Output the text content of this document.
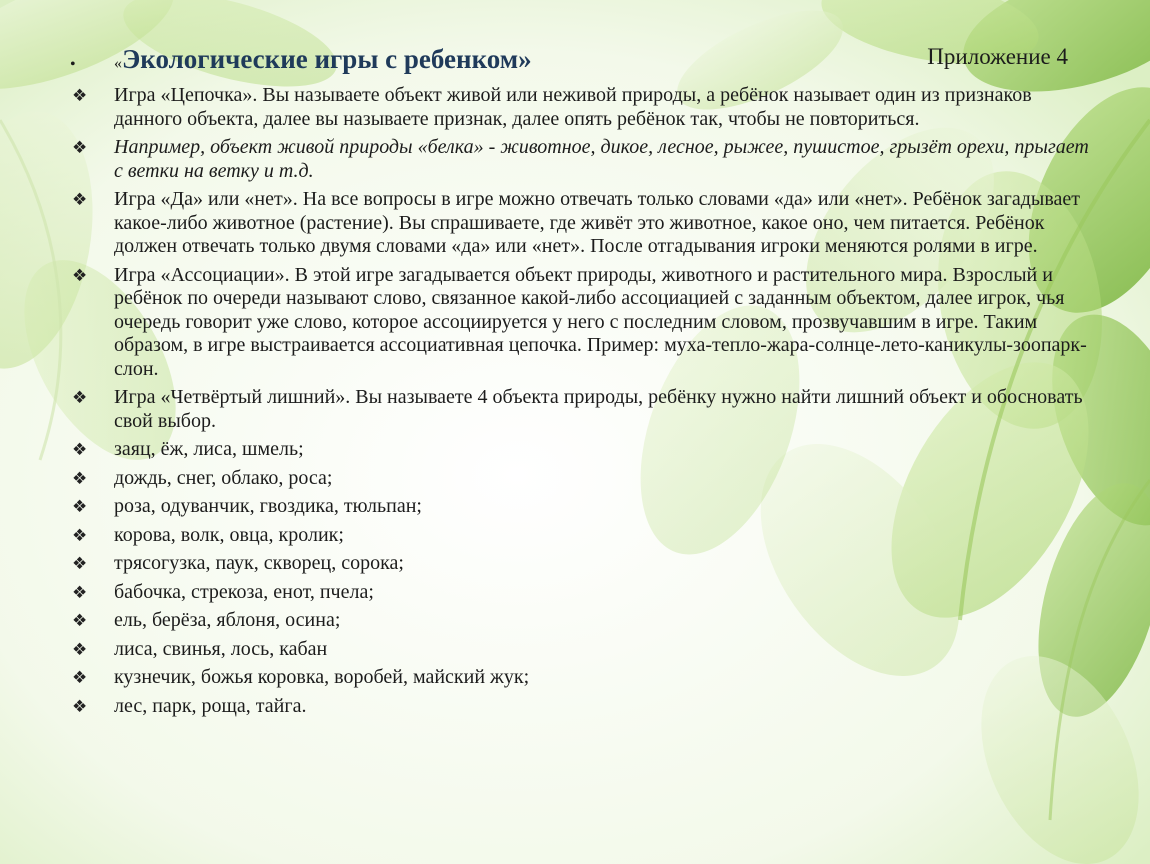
• «Экологические игры с ребенком»	Приложение 4
❖ Игра «Цепочка». Вы называете объект живой или неживой природы, а ребёнок называет один из признаков данного объекта, далее вы называете признак, далее опять ребёнок так, чтобы не повториться.
❖ Например, объект живой природы «белка» - животное, дикое, лесное, рыжее, пушистое, грызёт орехи, прыгает с ветки на ветку и т.д.
❖ Игра «Да» или «нет». На все вопросы в игре можно отвечать только словами «да» или «нет». Ребёнок загадывает какое-либо животное (растение). Вы спрашиваете, где живёт это животное, какое оно, чем питается. Ребёнок должен отвечать только двумя словами «да» или «нет». После отгадывания игроки меняются ролями в игре.
❖ Игра «Ассоциации». В этой игре загадывается объект природы, животного и растительного мира. Взрослый и ребёнок по очереди называют слово, связанное какой-либо ассоциацией с заданным объектом, далее игрок, чья очередь говорит уже слово, которое ассоциируется у него с последним словом, прозвучавшим в игре. Таким образом, в игре выстраивается ассоциативная цепочка. Пример: муха-тепло-жара-солнце-лето-каникулы-зоопарк-слон.
❖ Игра «Четвёртый лишний». Вы называете 4 объекта природы, ребёнку нужно найти лишний объект и обосновать свой выбор.
❖ заяц, ёж, лиса, шмель;
❖ дождь, снег, облако, роса;
❖ роза, одуванчик, гвоздика, тюльпан;
❖ корова, волк, овца, кролик;
❖ трясогузка, паук, скворец, сорока;
❖ бабочка, стрекоза, енот, пчела;
❖ ель, берёза, яблоня, осина;
❖ лиса, свинья, лось, кабан
❖ кузнечик, божья коровка, воробей, майский жук;
❖ лес, парк, роща, тайга.
